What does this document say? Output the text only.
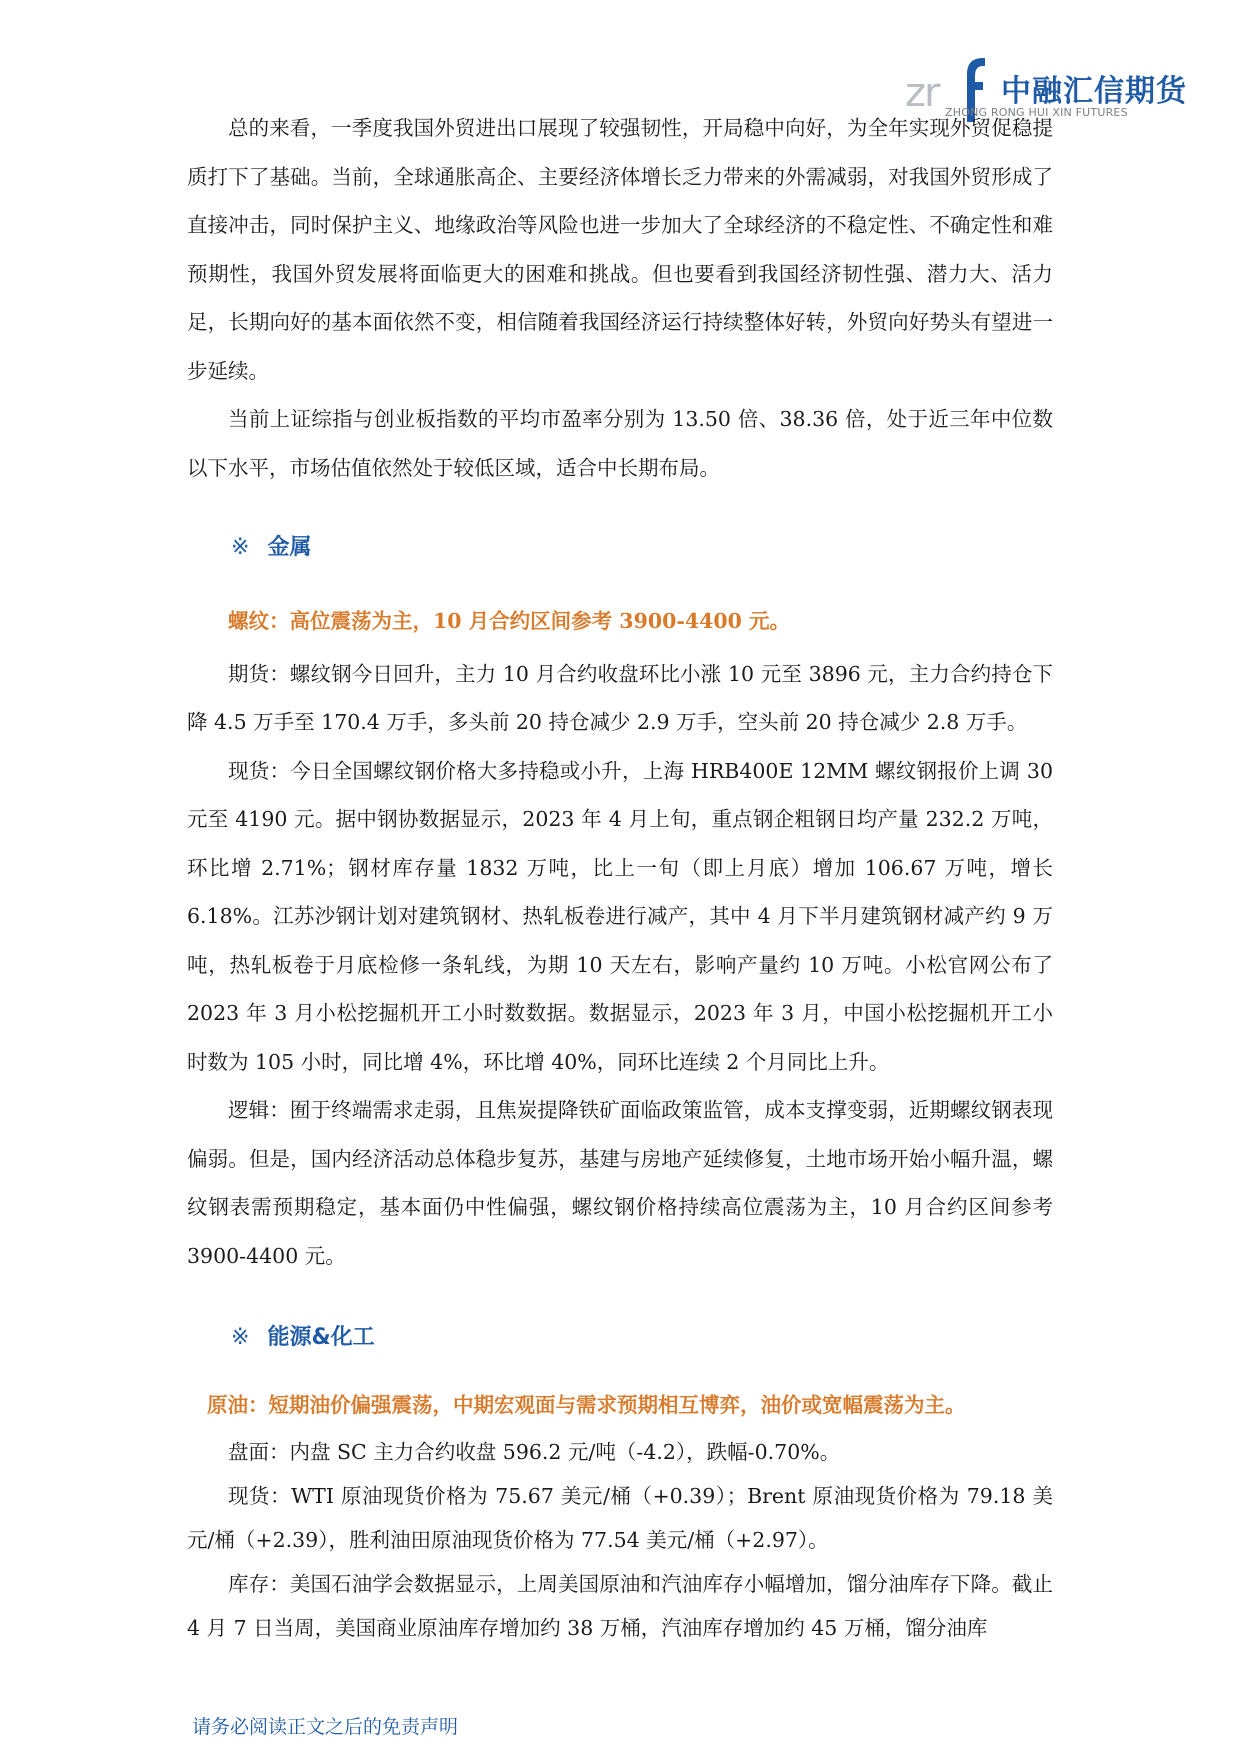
zr 中融汇信期货
ZHONG RONG HUI XIN FUTURES

总的来看，一季度我国外贸进出口展现了较强韧性，开局稳中向好，为全年实现外贸促稳提质打下了基础。当前，全球通胀高企、主要经济体增长乏力带来的外需减弱，对我国外贸形成了直接冲击，同时保护主义、地缘政治等风险也进一步加大了全球经济的不稳定性、不确定性和难预期性，我国外贸发展将面临更大的困难和挑战。但也要看到我国经济韧性强、潜力大、活力足，长期向好的基本面依然不变，相信随着我国经济运行持续整体好转，外贸向好势头有望进一步延续。

当前上证综指与创业板指数的平均市盈率分别为 13.50 倍、38.36 倍，处于近三年中位数以下水平，市场估值依然处于较低区域，适合中长期布局。

※ 金属

螺纹：高位震荡为主，10 月合约区间参考 3900-4400 元。

期货：螺纹钢今日回升，主力 10 月合约收盘环比小涨 10 元至 3896 元，主力合约持仓下降 4.5 万手至 170.4 万手，多头前 20 持仓减少 2.9 万手，空头前 20 持仓减少 2.8 万手。

现货：今日全国螺纹钢价格大多持稳或小升，上海 HRB400E 12MM 螺纹钢报价上调 30 元至 4190 元。据中钢协数据显示，2023 年 4 月上旬，重点钢企粗钢日均产量 232.2 万吨，环比增 2.71%；钢材库存量 1832 万吨，比上一旬（即上月底）增加 106.67 万吨，增长 6.18%。江苏沙钢计划对建筑钢材、热轧板卷进行减产，其中 4 月下半月建筑钢材减产约 9 万吨，热轧板卷于月底检修一条轧线，为期 10 天左右，影响产量约 10 万吨。小松官网公布了 2023 年 3 月小松挖掘机开工小时数数据。数据显示，2023 年 3 月，中国小松挖掘机开工小时数为 105 小时，同比增 4%，环比增 40%，同环比连续 2 个月同比上升。

逻辑：囿于终端需求走弱，且焦炭提降铁矿面临政策监管，成本支撑变弱，近期螺纹钢表现偏弱。但是，国内经济活动总体稳步复苏，基建与房地产延续修复，土地市场开始小幅升温，螺纹钢表需预期稳定，基本面仍中性偏强，螺纹钢价格持续高位震荡为主，10 月合约区间参考 3900-4400 元。

※ 能源&化工

原油：短期油价偏强震荡，中期宏观面与需求预期相互博弈，油价或宽幅震荡为主。

盘面：内盘 SC 主力合约收盘 596.2 元/吨（-4.2），跌幅-0.70%。

现货：WTI 原油现货价格为 75.67 美元/桶（+0.39）；Brent 原油现货价格为 79.18 美元/桶（+2.39），胜利油田原油现货价格为 77.54 美元/桶（+2.97）。

库存：美国石油学会数据显示，上周美国原油和汽油库存小幅增加，馏分油库存下降。截止 4 月 7 日当周，美国商业原油库存增加约 38 万桶，汽油库存增加约 45 万桶，馏分油库

请务必阅读正文之后的免责声明
